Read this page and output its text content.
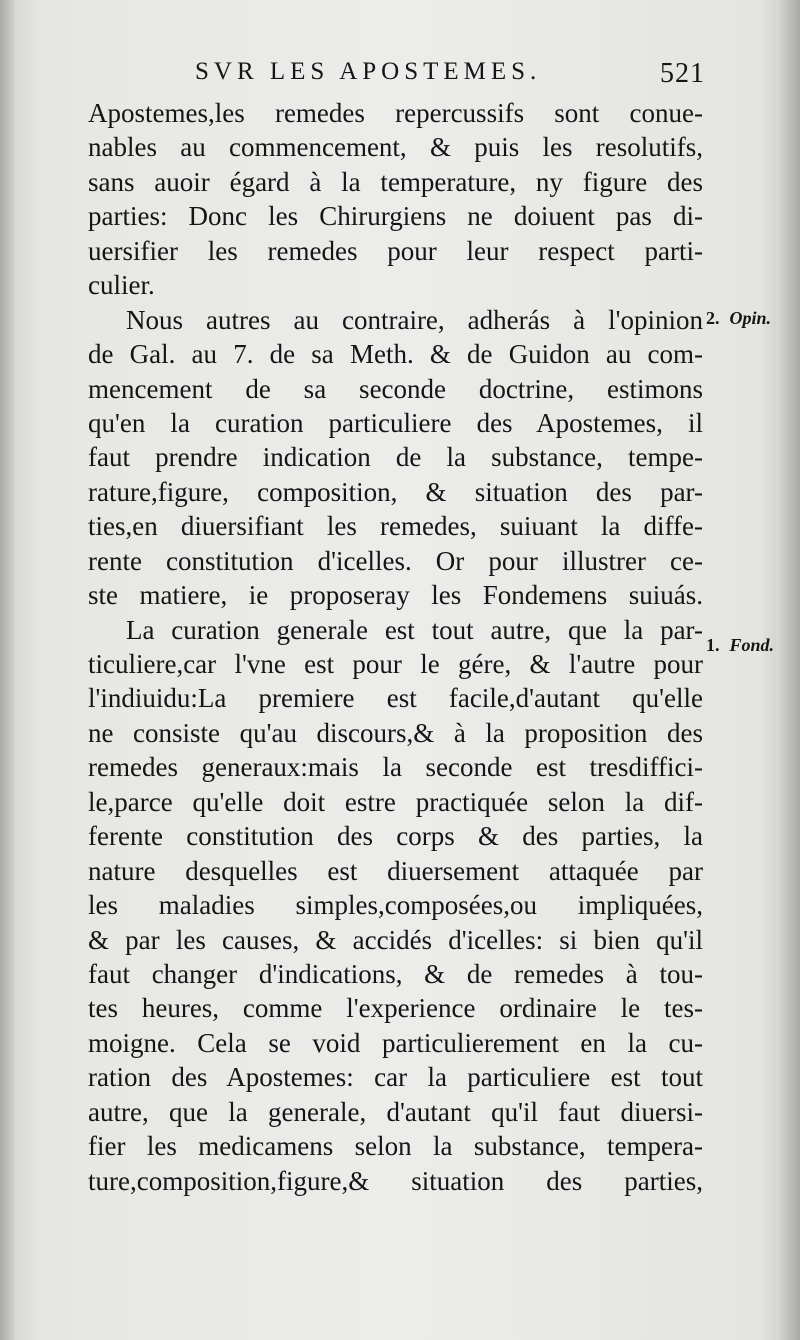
SVR LES APOSTEMES.	521
Apostemes,les remedes repercussifs sont conue-
nables au commencement, & puis les resolutifs,
sans auoir égard à la temperature, ny figure des
parties: Donc les Chirurgiens ne doiuent pas di-
uersifier les remedes pour leur respect parti-
culier.
Nous autres au contraire, adherás à l'opinion
de Gal. au 7. de sa Meth. & de Guidon au com-
mencement de sa seconde doctrine, estimons
qu'en la curation particuliere des Apostemes, il
faut prendre indication de la substance, tempe-
rature,figure, composition, & situation des par-
ties,en diuersifiant les remedes, suiuant la diffe-
rente constitution d'icelles. Or pour illustrer ce-
ste matiere, ie proposeray les Fondemens suiuás.
La curation generale est tout autre, que la par-
ticuliere,car l'vne est pour le gére, & l'autre pour
l'indiuidu:La premiere est facile,d'autant qu'elle
ne consiste qu'au discours,& à la proposition des
remedes generaux:mais la seconde est tresdiffici-
le,parce qu'elle doit estre practiquée selon la dif-
ferente constitution des corps & des parties, la
nature desquelles est diuersement attaquée par
les maladies simples,composées,ou impliquées,
& par les causes, & accidés d'icelles: si bien qu'il
faut changer d'indications, & de remedes à tou-
tes heures, comme l'experience ordinaire le tes-
moigne. Cela se void particulierement en la cu-
ration des Apostemes: car la particuliere est tout
autre, que la generale, d'autant qu'il faut diuersi-
fier les medicamens selon la substance, tempera-
ture,composition,figure,& situation des parties,
2. Opin.
1. Fond.
